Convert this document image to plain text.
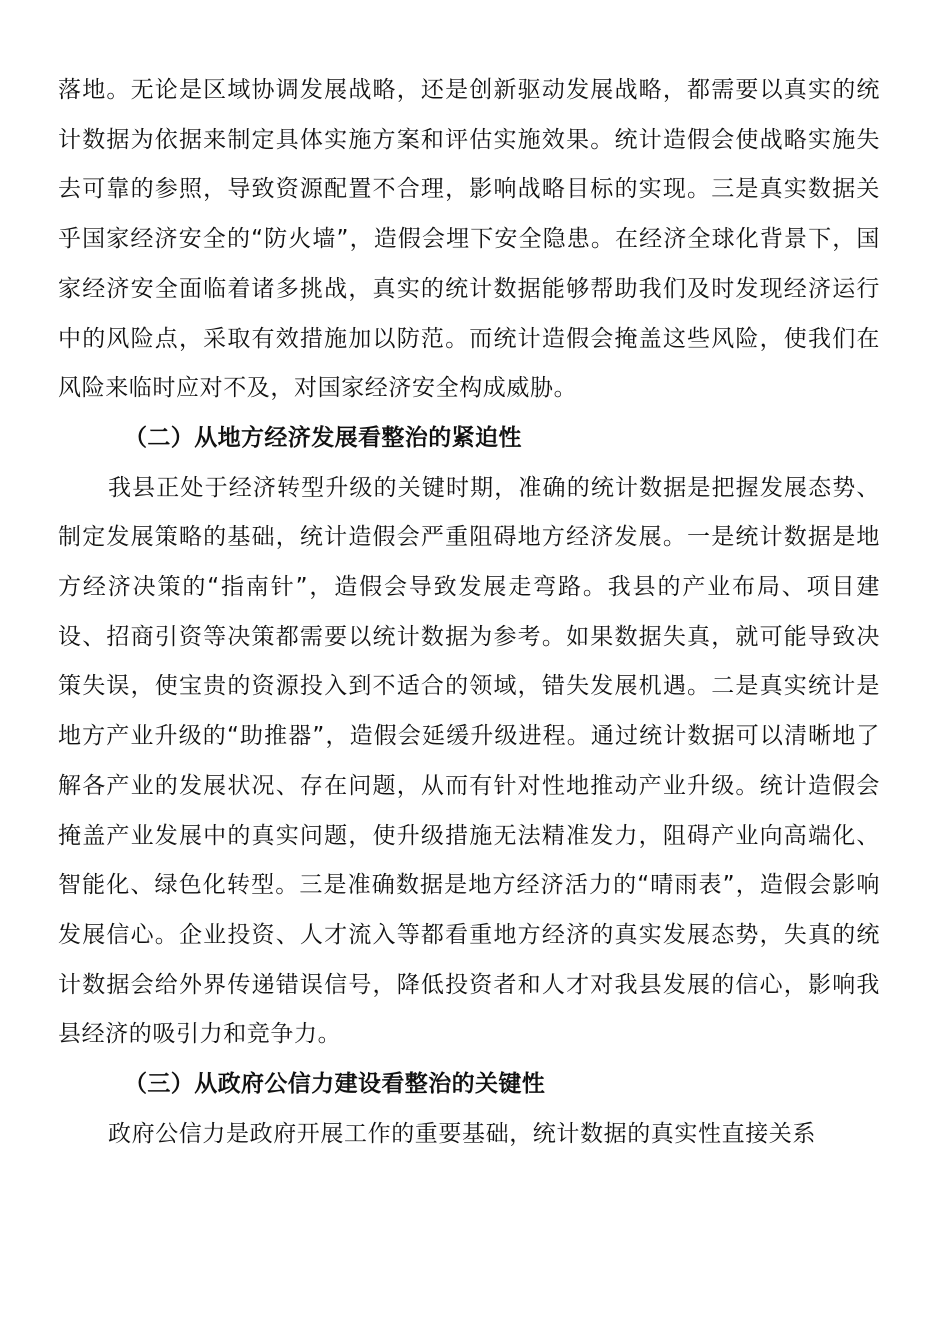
落地。无论是区域协调发展战略，还是创新驱动发展战略，都需要以真实的统计数据为依据来制定具体实施方案和评估实施效果。统计造假会使战略实施失去可靠的参照，导致资源配置不合理，影响战略目标的实现。三是真实数据关乎国家经济安全的“防火墙”，造假会埋下安全隐患。在经济全球化背景下，国家经济安全面临着诸多挑战，真实的统计数据能够帮助我们及时发现经济运行中的风险点，采取有效措施加以防范。而统计造假会掩盖这些风险，使我们在风险来临时应对不及，对国家经济安全构成威胁。

（二）从地方经济发展看整治的紧迫性

我县正处于经济转型升级的关键时期，准确的统计数据是把握发展态势、制定发展策略的基础，统计造假会严重阻碍地方经济发展。一是统计数据是地方经济决策的“指南针”，造假会导致发展走弯路。我县的产业布局、项目建设、招商引资等决策都需要以统计数据为参考。如果数据失真，就可能导致决策失误，使宝贵的资源投入到不适合的领域，错失发展机遇。二是真实统计是地方产业升级的“助推器”，造假会延缓升级进程。通过统计数据可以清晰地了解各产业的发展状况、存在问题，从而有针对性地推动产业升级。统计造假会掩盖产业发展中的真实问题，使升级措施无法精准发力，阻碍产业向高端化、智能化、绿色化转型。三是准确数据是地方经济活力的“晴雨表”，造假会影响发展信心。企业投资、人才流入等都看重地方经济的真实发展态势，失真的统计数据会给外界传递错误信号，降低投资者和人才对我县发展的信心，影响我县经济的吸引力和竞争力。

（三）从政府公信力建设看整治的关键性

政府公信力是政府开展工作的重要基础，统计数据的真实性直接关系
